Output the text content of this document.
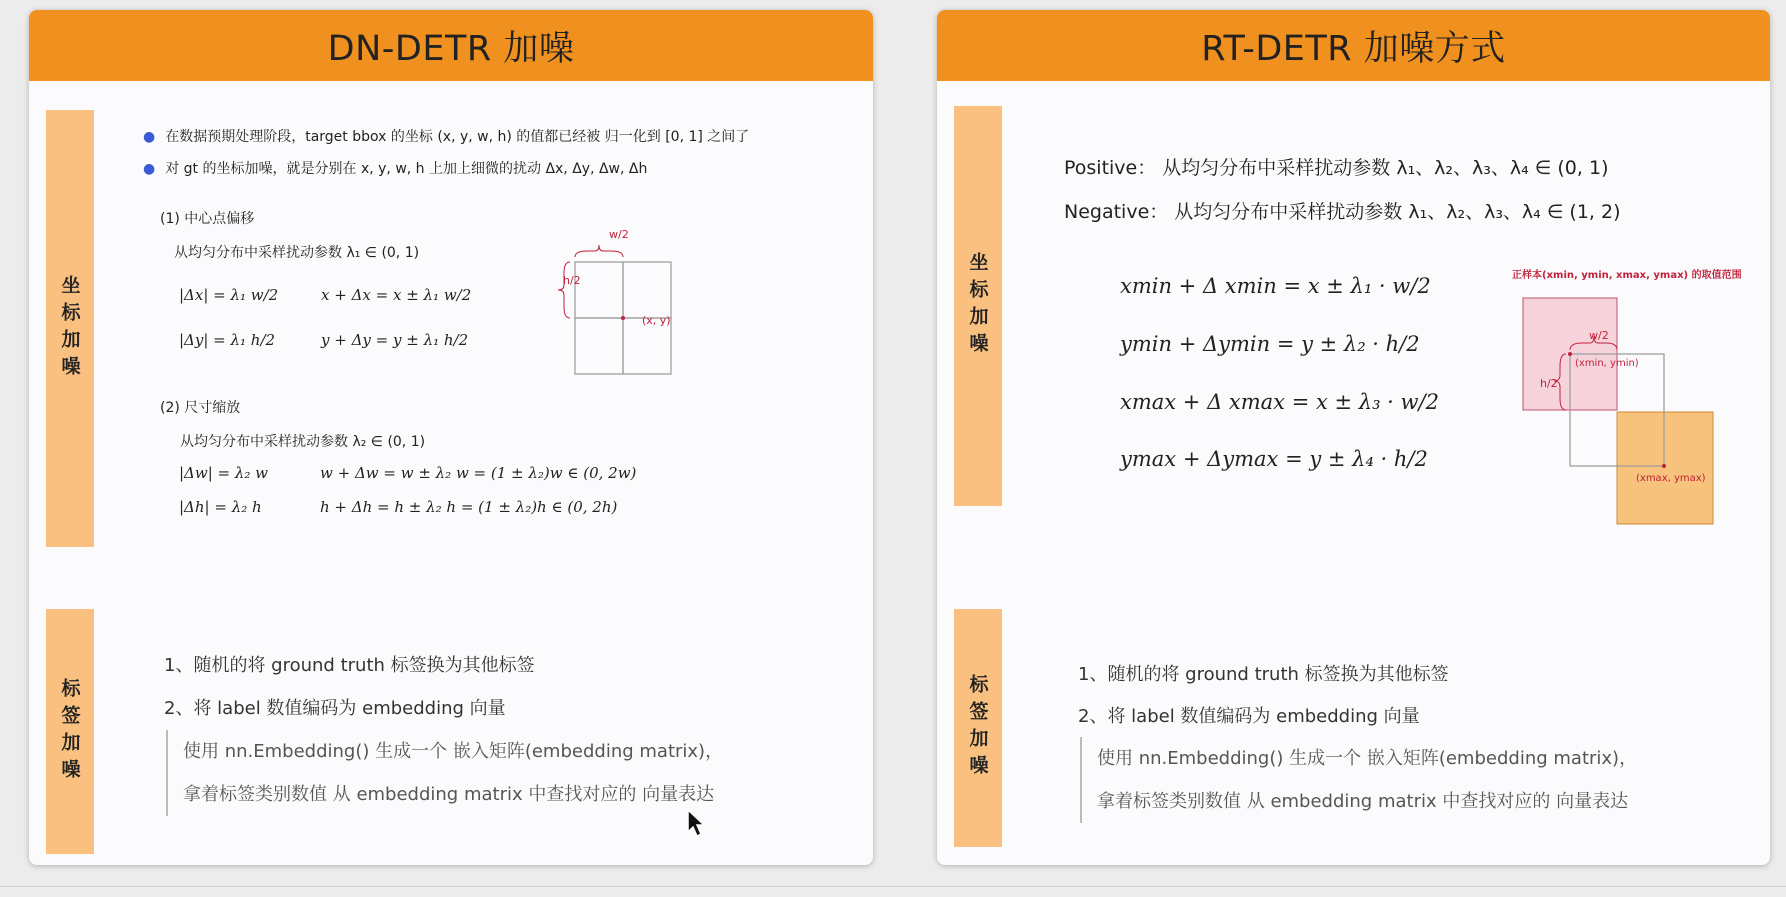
DN-DETR 加噪
坐标加噪
标签加噪
● 在数据预期处理阶段，target bbox 的坐标 (x, y, w, h) 的值都已经被 归一化到 [0, 1] 之间了
● 对 gt 的坐标加噪，就是分别在 x, y, w, h 上加上细微的扰动 Δx, Δy, Δw, Δh
(1) 中心点偏移
从均匀分布中采样扰动参数 λ₁ ∈ (0, 1)
|Δx| = λ₁ w/2	x + Δx = x ± λ₁ w/2
|Δy| = λ₁ h/2	y + Δy = y ± λ₁ h/2
w/2
h/2
(x, y)
(2) 尺寸缩放
从均匀分布中采样扰动参数 λ₂ ∈ (0, 1)
|Δw| = λ₂ w	w + Δw = w ± λ₂ w = (1 ± λ₂)w ∈ (0, 2w)
|Δh| = λ₂ h	h + Δh = h ± λ₂ h = (1 ± λ₂)h ∈ (0, 2h)
1、随机的将 ground truth 标签换为其他标签
2、将 label 数值编码为 embedding 向量
使用 nn.Embedding() 生成一个 嵌入矩阵(embedding matrix)，
拿着标签类别数值 从 embedding matrix 中查找对应的 向量表达
RT-DETR 加噪方式
坐标加噪
标签加噪
Positive： 从均匀分布中采样扰动参数 λ₁、λ₂、λ₃、λ₄ ∈ (0, 1)
Negative： 从均匀分布中采样扰动参数 λ₁、λ₂、λ₃、λ₄ ∈ (1, 2)
xmin + Δ xmin = x ± λ₁ · w/2
ymin + Δymin = y ± λ₂ · h/2
xmax + Δ xmax = x ± λ₃ · w/2
ymax + Δymax = y ± λ₄ · h/2
正样本(xmin, ymin, xmax, ymax) 的取值范围
w/2
h/2
(xmin, ymin)
(xmax, ymax)
1、随机的将 ground truth 标签换为其他标签
2、将 label 数值编码为 embedding 向量
使用 nn.Embedding() 生成一个 嵌入矩阵(embedding matrix)，
拿着标签类别数值 从 embedding matrix 中查找对应的 向量表达
